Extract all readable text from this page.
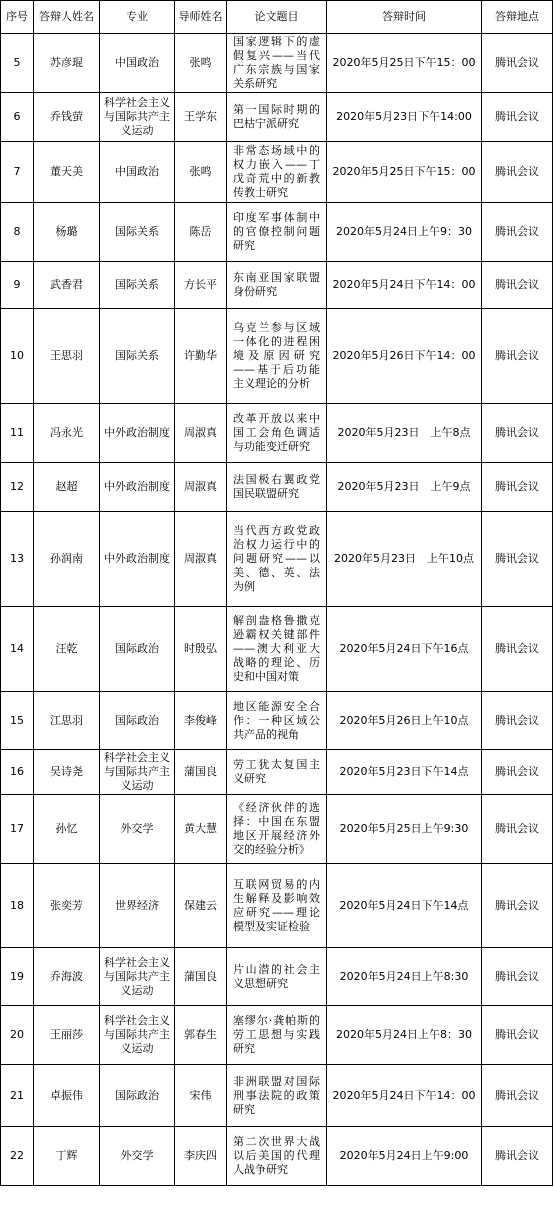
序号	答辩人姓名	专业	导师姓名	论文题目	答辩时间	答辩地点
5	苏彦琨	中国政治	张鸣	国家逻辑下的虚假复兴——当代广东宗族与国家关系研究	2020年5月25日下午15：00	腾讯会议
6	乔钱萤	科学社会主义与国际共产主义运动	王学东	第一国际时期的巴枯宁派研究	2020年5月23日下午14:00	腾讯会议
7	董天美	中国政治	张鸣	非常态场域中的权力嵌入——丁戊奇荒中的新教传教士研究	2020年5月25日下午15：00	腾讯会议
8	杨璐	国际关系	陈岳	印度军事体制中的官僚控制问题研究	2020年5月24日上午9：30	腾讯会议
9	武香君	国际关系	方长平	东南亚国家联盟身份研究	2020年5月24日下午14：00	腾讯会议
10	王思羽	国际关系	许勤华	乌克兰参与区域一体化的进程困境及原因研究——基于后功能主义理论的分析	2020年5月26日下午14：00	腾讯会议
11	冯永光	中外政治制度	周淑真	改革开放以来中国工会角色调适与功能变迁研究	2020年5月23日　上午8点	腾讯会议
12	赵超	中外政治制度	周淑真	法国极右翼政党国民联盟研究	2020年5月23日　上午9点	腾讯会议
13	孙润南	中外政治制度	周淑真	当代西方政党政治权力运行中的问题研究——以美、德、英、法为例	2020年5月23日　上午10点	腾讯会议
14	汪乾	国际政治	时殷弘	解剖盎格鲁撒克逊霸权关键部件——澳大利亚大战略的理论、历史和中国对策	2020年5月24日下午16点	腾讯会议
15	江思羽	国际政治	李俊峰	地区能源安全合作：一种区域公共产品的视角	2020年5月26日上午10点	腾讯会议
16	吴诗尧	科学社会主义与国际共产主义运动	蒲国良	劳工犹太复国主义研究	2020年5月23日下午14点	腾讯会议
17	孙忆	外交学	黄大慧	《经济伙伴的选择：中国在东盟地区开展经济外交的经验分析》	2020年5月25日上午9:30	腾讯会议
18	张奕芳	世界经济	保建云	互联网贸易的内生解释及影响效应研究——理论模型及实证检验	2020年5月24日下午14点	腾讯会议
19	乔海波	科学社会主义与国际共产主义运动	蒲国良	片山潜的社会主义思想研究	2020年5月24日上午8:30	腾讯会议
20	王丽莎	科学社会主义与国际共产主义运动	郭春生	塞缪尔·龚帕斯的劳工思想与实践研究	2020年5月24日上午8：30	腾讯会议
21	卓振伟	国际政治	宋伟	非洲联盟对国际刑事法院的政策研究	2020年5月24日下午14：00	腾讯会议
22	丁辉	外交学	李庆四	第二次世界大战以后美国的代理人战争研究	2020年5月24日上午9:00	腾讯会议
